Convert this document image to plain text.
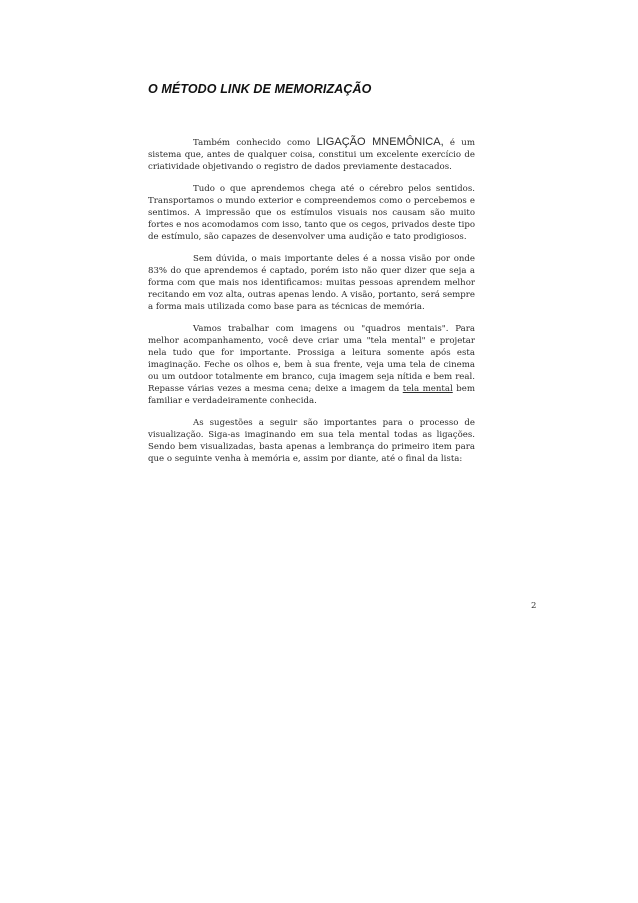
O MÉTODO LINK DE MEMORIZAÇÃO

Também conhecido como LIGAÇÃO MNEMÔNICA, é um sistema que, antes de qualquer coisa, constitui um excelente exercício de criatividade objetivando o registro de dados previamente destacados.

Tudo o que aprendemos chega até o cérebro pelos sentidos. Transportamos o mundo exterior e compreendemos como o percebemos e sentimos. A impressão que os estímulos visuais nos causam são muito fortes e nos acomodamos com isso, tanto que os cegos, privados deste tipo de estímulo, são capazes de desenvolver uma audição e tato prodigiosos.

Sem dúvida, o mais importante deles é a nossa visão por onde 83% do que aprendemos é captado, porém isto não quer dizer que seja a forma com que mais nos identificamos: muitas pessoas aprendem melhor recitando em voz alta, outras apenas lendo. A visão, portanto, será sempre a forma mais utilizada como base para as técnicas de memória.

Vamos trabalhar com imagens ou "quadros mentais". Para melhor acompanhamento, você deve criar uma "tela mental" e projetar nela tudo que for importante. Prossiga a leitura somente após esta imaginação. Feche os olhos e, bem à sua frente, veja uma tela de cinema ou um outdoor totalmente em branco, cuja imagem seja nítida e bem real. Repasse várias vezes a mesma cena; deixe a imagem da tela mental bem familiar e verdadeiramente conhecida.

As sugestões a seguir são importantes para o processo de visualização. Siga-as imaginando em sua tela mental todas as ligações. Sendo bem visualizadas, basta apenas a lembrança do primeiro item para que o seguinte venha à memória e, assim por diante, até o final da lista:

2
